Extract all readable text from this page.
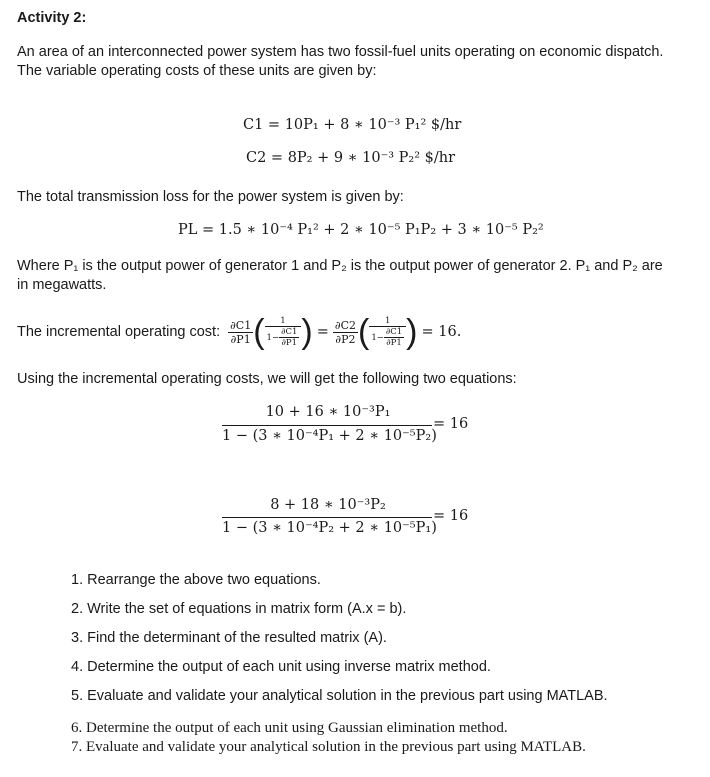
Activity 2:
An area of an interconnected power system has two fossil-fuel units operating on economic dispatch.
The variable operating costs of these units are given by:
C1 = 10P₁ + 8 ∗ 10⁻³ P₁² $/hr
C2 = 8P₂ + 9 ∗ 10⁻³ P₂² $/hr
The total transmission loss for the power system is given by:
PL = 1.5 ∗ 10⁻⁴ P₁² + 2 ∗ 10⁻⁵ P₁P₂ + 3 ∗ 10⁻⁵ P₂²
Where P₁ is the output power of generator 1 and P₂ is the output power of generator 2. P₁ and P₂ are
in megawatts.
The incremental operating cost: $\frac{\partial C1}{\partial P1}$ ( $\frac{1}{1- \frac{\partial C1}{\partial P1}}$ ) = $\frac{\partial C2}{\partial P2}$ ( $\frac{1}{1- \frac{\partial C1}{\partial P1}}$ ) = 16.
Using the incremental operating costs, we will get the following two equations:
10 + 16 ∗ 10⁻³P₁
1 − (3 ∗ 10⁻⁴P₁ + 2 ∗ 10⁻⁵P₂)
= 16
8 + 18 ∗ 10⁻³P₂
1 − (3 ∗ 10⁻⁴P₂ + 2 ∗ 10⁻⁵P₁)
= 16
1. Rearrange the above two equations.
2. Write the set of equations in matrix form (A.x = b).
3. Find the determinant of the resulted matrix (A).
4. Determine the output of each unit using inverse matrix method.
5. Evaluate and validate your analytical solution in the previous part using MATLAB.
6. Determine the output of each unit using Gaussian elimination method.
7. Evaluate and validate your analytical solution in the previous part using MATLAB.
